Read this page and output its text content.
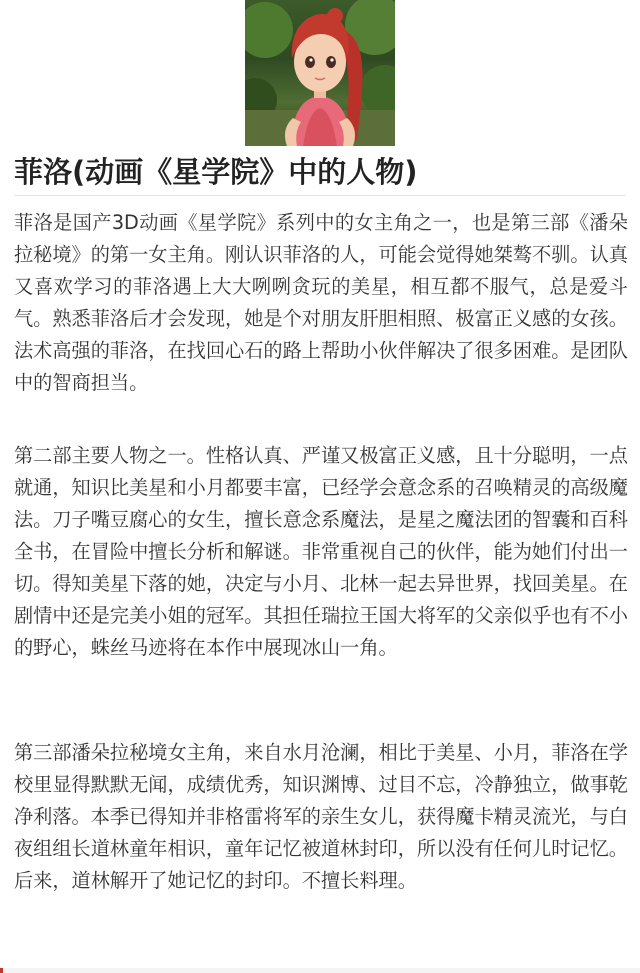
菲洛(动画《星学院》中的人物)

菲洛是国产3D动画《星学院》系列中的女主角之一，也是第三部《潘朵拉秘境》的第一女主角。刚认识菲洛的人，可能会觉得她桀骜不驯。认真又喜欢学习的菲洛遇上大大咧咧贪玩的美星，相互都不服气，总是爱斗气。熟悉菲洛后才会发现，她是个对朋友肝胆相照、极富正义感的女孩。法术高强的菲洛，在找回心石的路上帮助小伙伴解决了很多困难。是团队中的智商担当。

第二部主要人物之一。性格认真、严谨又极富正义感，且十分聪明，一点就通，知识比美星和小月都要丰富，已经学会意念系的召唤精灵的高级魔法。刀子嘴豆腐心的女生，擅长意念系魔法，是星之魔法团的智囊和百科全书，在冒险中擅长分析和解谜。非常重视自己的伙伴，能为她们付出一切。得知美星下落的她，决定与小月、北林一起去异世界，找回美星。在剧情中还是完美小姐的冠军。其担任瑞拉王国大将军的父亲似乎也有不小的野心，蛛丝马迹将在本作中展现冰山一角。

第三部潘朵拉秘境女主角，来自水月沧澜，相比于美星、小月，菲洛在学校里显得默默无闻，成绩优秀，知识渊博、过目不忘，冷静独立，做事乾净利落。本季已得知并非格雷将军的亲生女儿，获得魔卡精灵流光，与白夜组组长道林童年相识，童年记忆被道林封印，所以没有任何儿时记忆。后来，道林解开了她记忆的封印。不擅长料理。
